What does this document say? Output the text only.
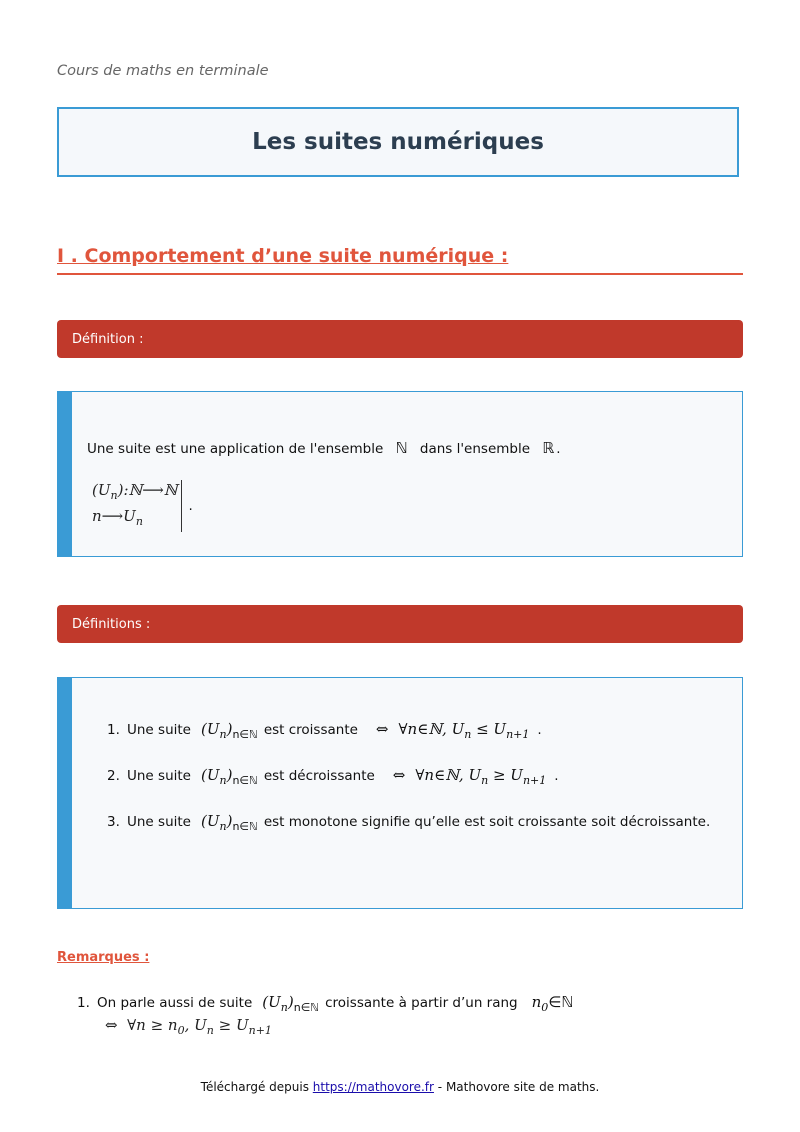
Cours de maths en terminale
Les suites numériques
I . Comportement d’une suite numérique :
Définition :
Une suite est une application de l'ensemble ℕ dans l'ensemble ℝ .
$(U_n):ℕ⟶ℕ$
$n⟶U_n$
.
Définitions :
1. Une suite $(U_n)_{n\in ℕ}$ est croissante ⇔ ∀n∈ℕ, $U_n \le U_{n+1}$ .
2. Une suite $(U_n)_{n\in ℕ}$ est décroissante ⇔ ∀n∈ℕ, $U_n \ge U_{n+1}$ .
3. Une suite $(U_n)_{n\in ℕ}$ est monotone signifie qu’elle est soit croissante soit décroissante.
Remarques :
1. On parle aussi de suite $(U_n)_{n\in ℕ}$ croissante à partir d’un rang $n_0\in ℕ$
⇔  ∀n ≥ $n_0$, $U_n \ge U_{n+1}$
Téléchargé depuis https://mathovore.fr - Mathovore site de maths.
